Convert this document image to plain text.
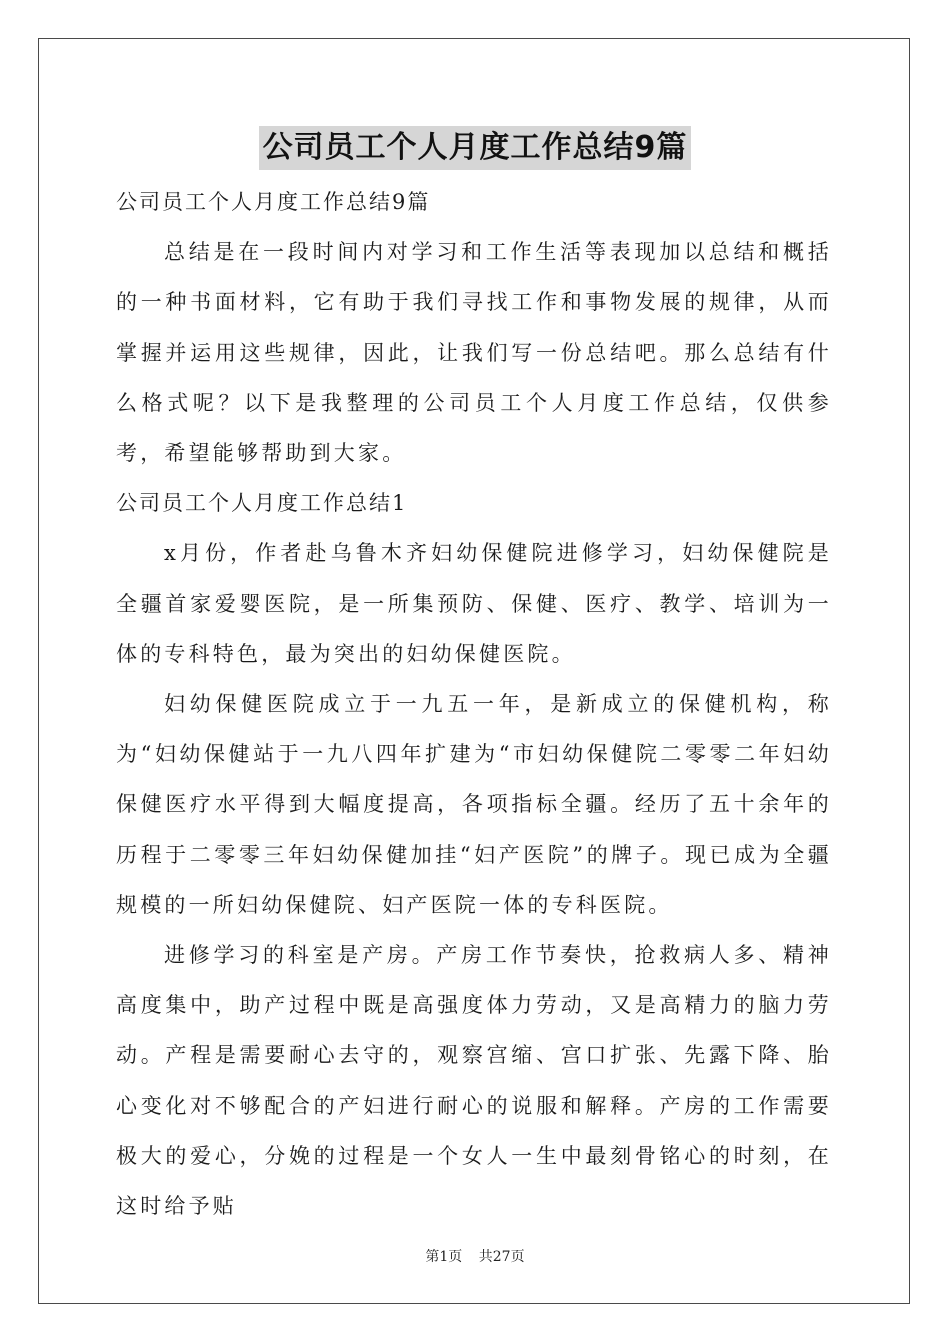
公司员工个人月度工作总结9篇

公司员工个人月度工作总结9篇

总结是在一段时间内对学习和工作生活等表现加以总结和概括的一种书面材料，它有助于我们寻找工作和事物发展的规律，从而掌握并运用这些规律，因此，让我们写一份总结吧。那么总结有什么格式呢？以下是我整理的公司员工个人月度工作总结，仅供参考，希望能够帮助到大家。

公司员工个人月度工作总结1

x月份，作者赴乌鲁木齐妇幼保健院进修学习，妇幼保健院是全疆首家爱婴医院，是一所集预防、保健、医疗、教学、培训为一体的专科特色，最为突出的妇幼保健医院。

妇幼保健医院成立于一九五一年，是新成立的保健机构，称为“妇幼保健站于一九八四年扩建为“市妇幼保健院二零零二年妇幼保健医疗水平得到大幅度提高，各项指标全疆。经历了五十余年的历程于二零零三年妇幼保健加挂“妇产医院”的牌子。现已成为全疆规模的一所妇幼保健院、妇产医院一体的专科医院。

进修学习的科室是产房。产房工作节奏快，抢救病人多、精神高度集中，助产过程中既是高强度体力劳动，又是高精力的脑力劳动。产程是需要耐心去守的，观察宫缩、宫口扩张、先露下降、胎心变化对不够配合的产妇进行耐心的说服和解释。产房的工作需要极大的爱心，分娩的过程是一个女人一生中最刻骨铭心的时刻，在这时给予贴

第1页 共27页
